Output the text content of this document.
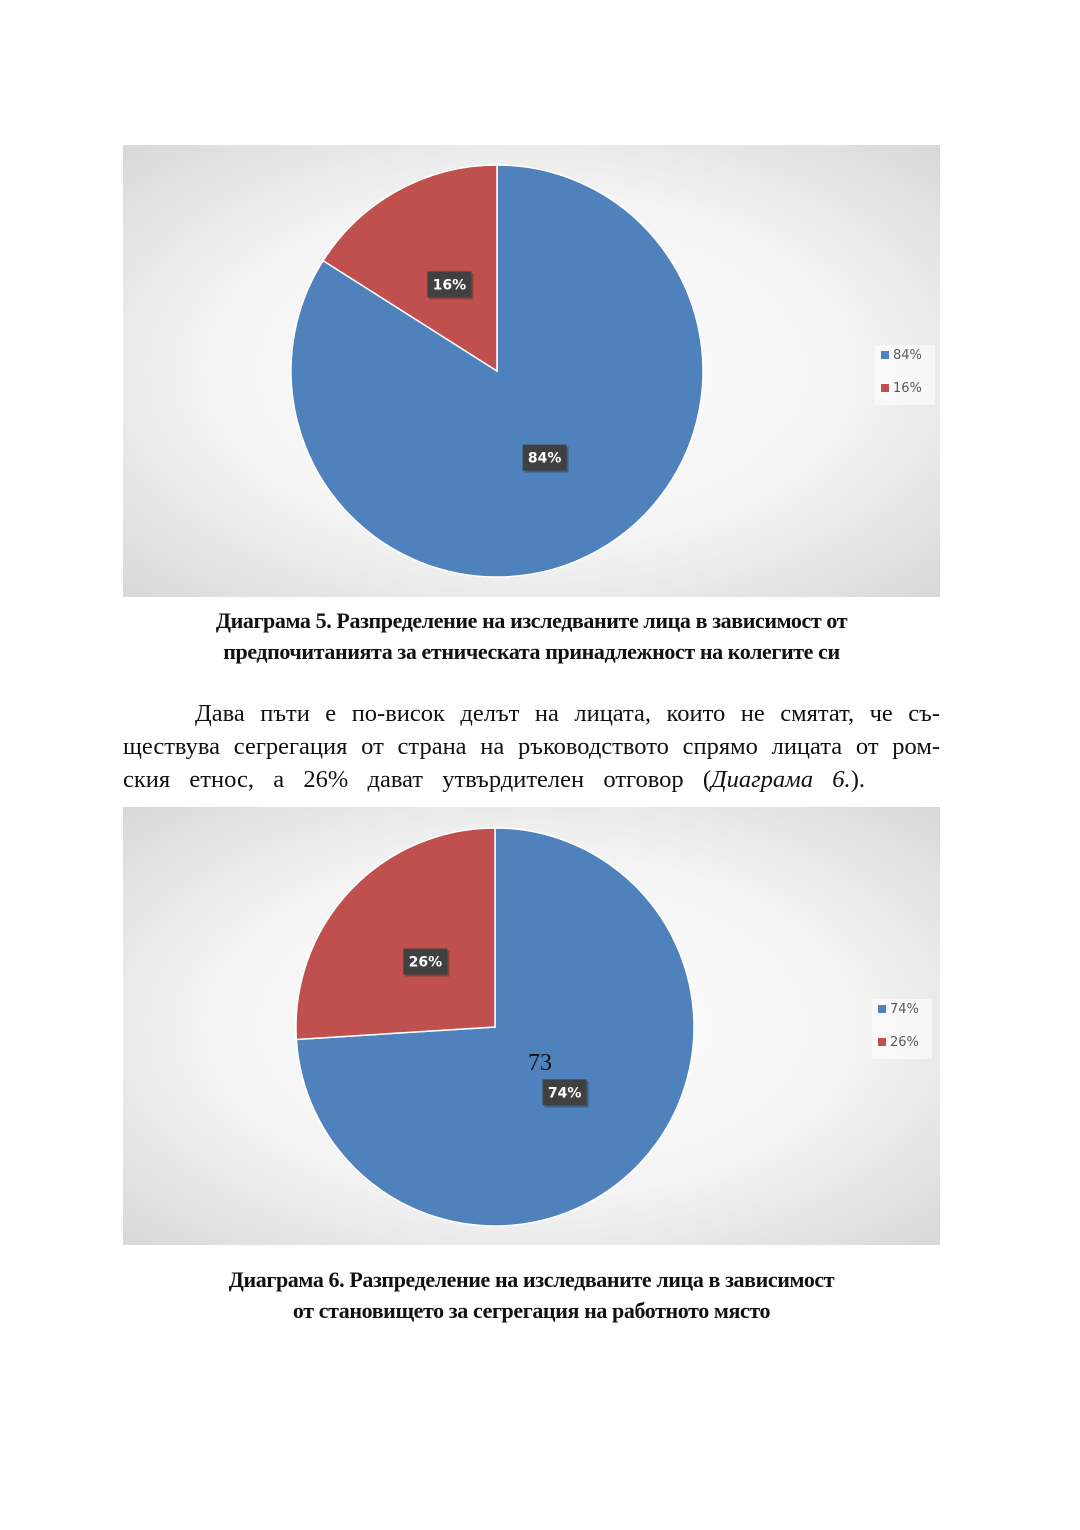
84%
16%
84%
16%
Диаграма 5. Разпределение на изследваните лица в зависимост от
предпочитанията за етническата принадлежност на колегите си
Дава пъти е по-висок делът на лицата, които не смятат, че съ-
ществува сегрегация от страна на ръководството спрямо лицата от ром-
ския етнос, а 26% дават утвърдителен отговор (Диаграма 6.).
74%
26%
74%
26%
Диаграма 6. Разпределение на изследваните лица в зависимост
от становището за сегрегация на работното място
73
